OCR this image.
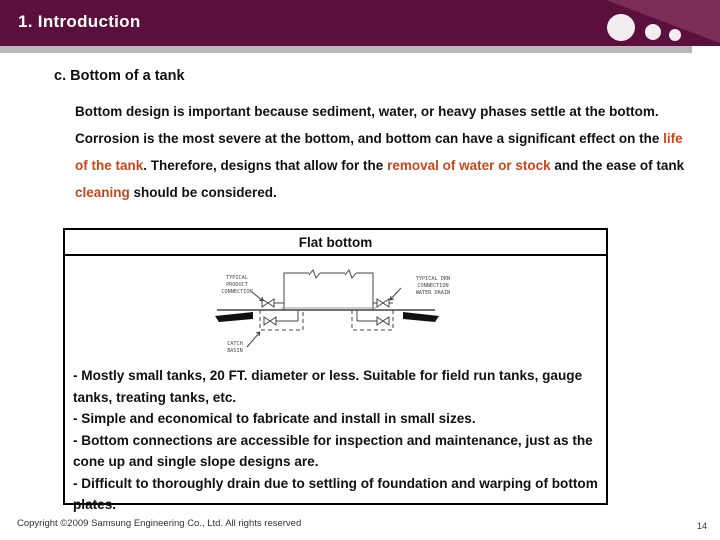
1. Introduction
c. Bottom of a tank
Bottom design is important because sediment, water, or heavy phases settle at the bottom. Corrosion is the most severe at the bottom, and bottom can have a significant effect on the life of the tank. Therefore, designs that allow for the removal of water or stock and the ease of tank cleaning should be considered.
Flat bottom
TYPICAL
PRODUCT
CONNECTION
TYPICAL DRN
CONNECTION
WATER DRAIN
CATCH
BASIN
- Mostly small tanks, 20 FT. diameter or less. Suitable for field run tanks, gauge tanks, treating tanks, etc.
- Simple and economical to fabricate and install in small sizes.
- Bottom connections are accessible for inspection and maintenance, just as the cone up and single slope designs are.
- Difficult to thoroughly drain due to settling of foundation and warping of bottom plates.
Copyright ©2009 Samsung Engineering Co., Ltd. All rights reserved	14
